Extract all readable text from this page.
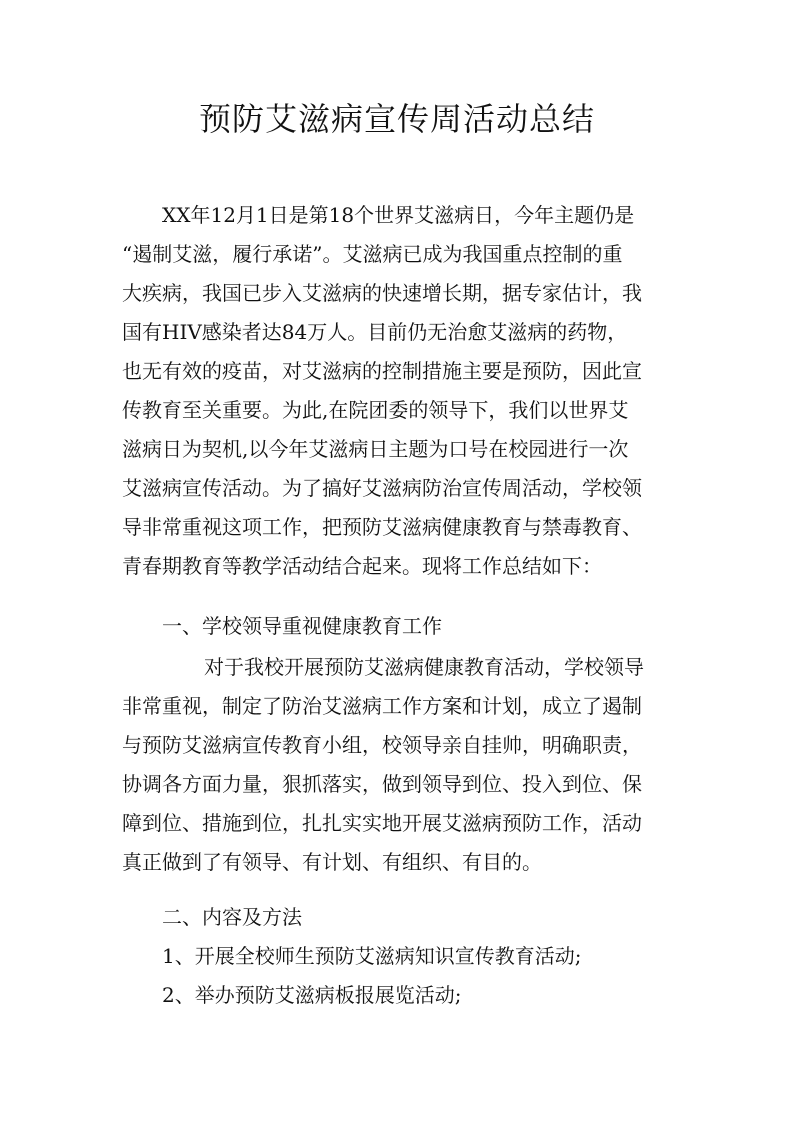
预防艾滋病宣传周活动总结
XX年12月1日是第18个世界艾滋病日，今年主题仍是
“遏制艾滋，履行承诺”。艾滋病已成为我国重点控制的重
大疾病，我国已步入艾滋病的快速增长期，据专家估计，我
国有HIV感染者达84万人。目前仍无治愈艾滋病的药物，
也无有效的疫苗，对艾滋病的控制措施主要是预防，因此宣
传教育至关重要。为此,在院团委的领导下，我们以世界艾
滋病日为契机,以今年艾滋病日主题为口号在校园进行一次
艾滋病宣传活动。为了搞好艾滋病防治宣传周活动，学校领
导非常重视这项工作，把预防艾滋病健康教育与禁毒教育、
青春期教育等教学活动结合起来。现将工作总结如下：
一、学校领导重视健康教育工作
对于我校开展预防艾滋病健康教育活动，学校领导
非常重视，制定了防治艾滋病工作方案和计划，成立了遏制
与预防艾滋病宣传教育小组，校领导亲自挂帅，明确职责，
协调各方面力量，狠抓落实，做到领导到位、投入到位、保
障到位、措施到位，扎扎实实地开展艾滋病预防工作，活动
真正做到了有领导、有计划、有组织、有目的。
二、内容及方法
1、开展全校师生预防艾滋病知识宣传教育活动;
2、举办预防艾滋病板报展览活动;
